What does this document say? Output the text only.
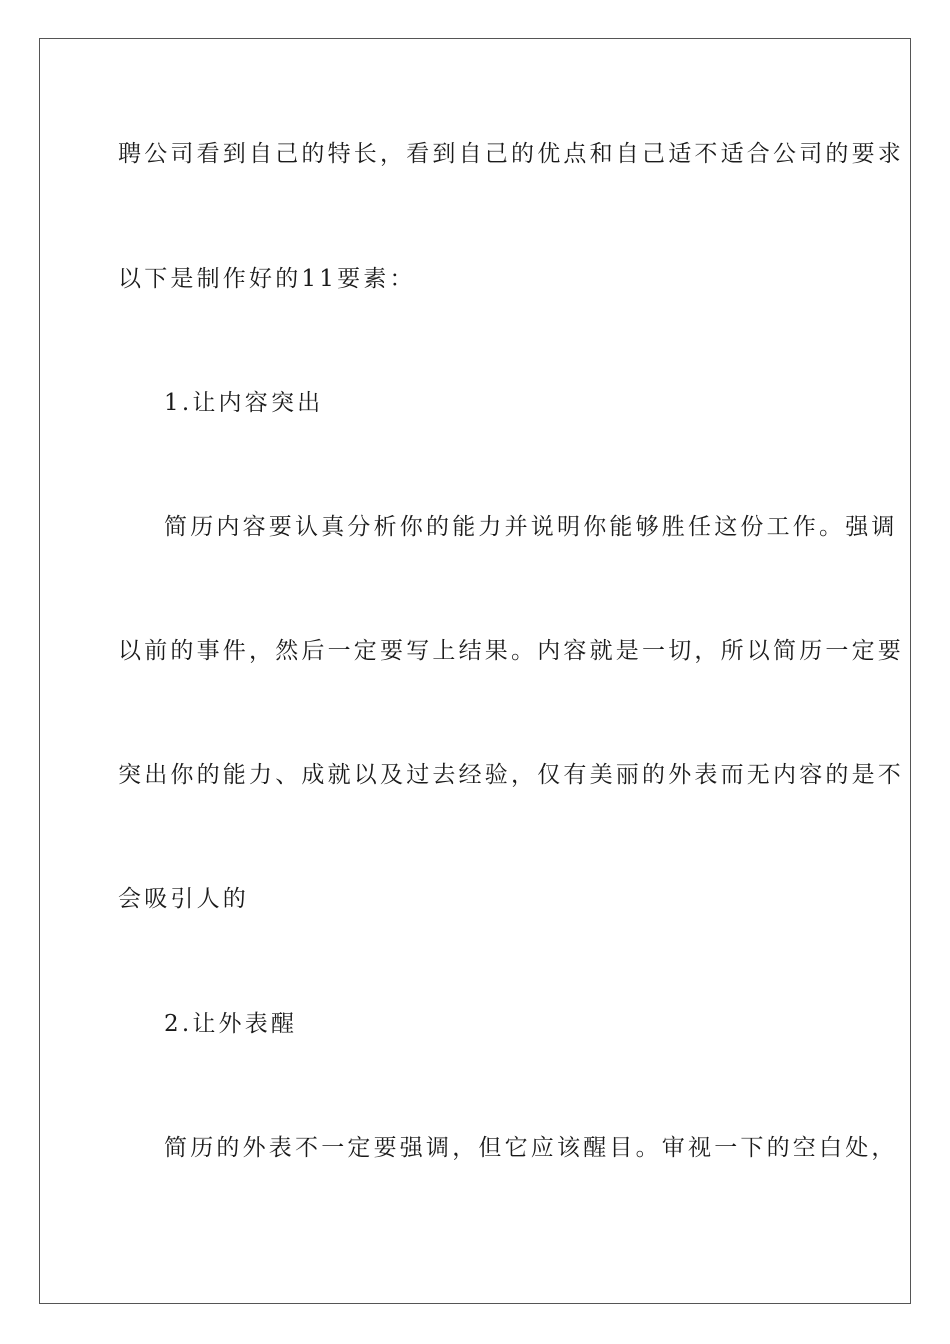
聘公司看到自己的特长，看到自己的优点和自己适不适合公司的要求
以下是制作好的11要素：
1.让内容突出
简历内容要认真分析你的能力并说明你能够胜任这份工作。强调
以前的事件，然后一定要写上结果。内容就是一切，所以简历一定要
突出你的能力、成就以及过去经验，仅有美丽的外表而无内容的是不
会吸引人的
2.让外表醒
简历的外表不一定要强调，但它应该醒目。审视一下的空白处，
